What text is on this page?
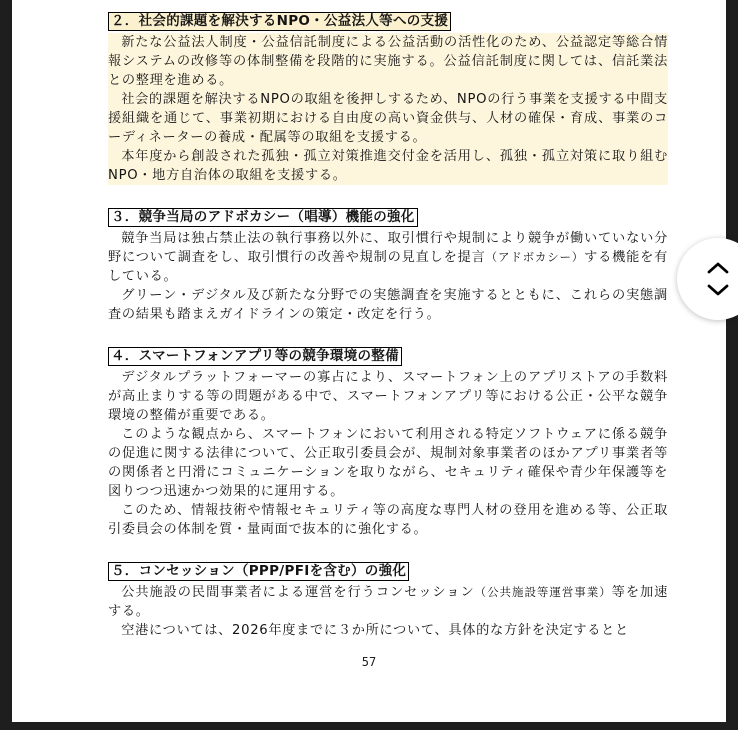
２．社会的課題を解決するNPO・公益法人等への支援

新たな公益法人制度・公益信託制度による公益活動の活性化のため、公益認定等総合情報システムの改修等の体制整備を段階的に実施する。公益信託制度に関しては、信託業法との整理を進める。

社会的課題を解決するNPOの取組を後押しするため、NPOの行う事業を支援する中間支援組織を通じて、事業初期における自由度の高い資金供与、人材の確保・育成、事業のコーディネーターの養成・配属等の取組を支援する。

本年度から創設された孤独・孤立対策推進交付金を活用し、孤独・孤立対策に取り組むNPO・地方自治体の取組を支援する。

３．競争当局のアドボカシー（唱導）機能の強化

競争当局は独占禁止法の執行事務以外に、取引慣行や規制により競争が働いていない分野について調査をし、取引慣行の改善や規制の見直しを提言（アドボカシー）する機能を有している。

グリーン・デジタル及び新たな分野での実態調査を実施するとともに、これらの実態調査の結果も踏まえガイドラインの策定・改定を行う。

４．スマートフォンアプリ等の競争環境の整備

デジタルプラットフォーマーの寡占により、スマートフォン上のアプリストアの手数料が高止まりする等の問題がある中で、スマートフォンアプリ等における公正・公平な競争環境の整備が重要である。

このような観点から、スマートフォンにおいて利用される特定ソフトウェアに係る競争の促進に関する法律について、公正取引委員会が、規制対象事業者のほかアプリ事業者等の関係者と円滑にコミュニケーションを取りながら、セキュリティ確保や青少年保護等を図りつつ迅速かつ効果的に運用する。

このため、情報技術や情報セキュリティ等の高度な専門人材の登用を進める等、公正取引委員会の体制を質・量両面で抜本的に強化する。

５．コンセッション（PPP/PFIを含む）の強化

公共施設の民間事業者による運営を行うコンセッション（公共施設等運営事業）等を加速する。

空港については、2026年度までに３か所について、具体的な方針を決定するとと

57
